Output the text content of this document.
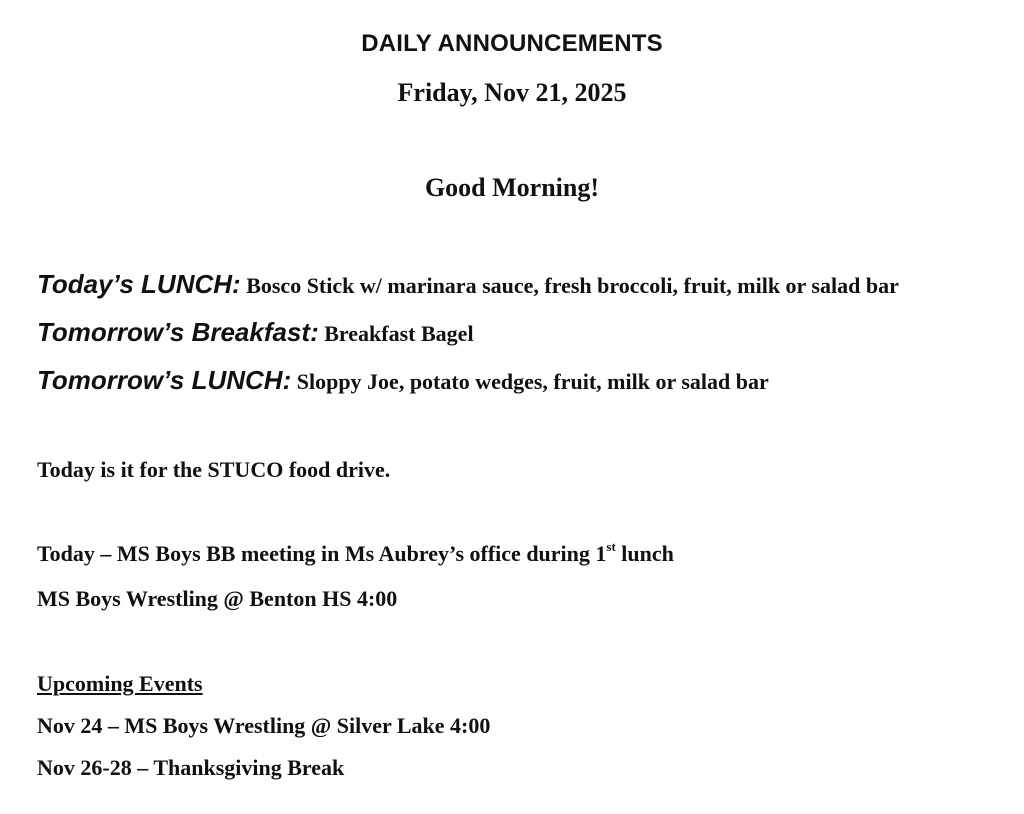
DAILY ANNOUNCEMENTS

Friday, Nov 21, 2025

Good Morning!

Today’s LUNCH: Bosco Stick w/ marinara sauce, fresh broccoli, fruit, milk or salad bar

Tomorrow’s Breakfast: Breakfast Bagel

Tomorrow’s LUNCH: Sloppy Joe, potato wedges, fruit, milk or salad bar

Today is it for the STUCO food drive.

Today – MS Boys BB meeting in Ms Aubrey’s office during 1st lunch

MS Boys Wrestling @ Benton HS 4:00

Upcoming Events

Nov 24 – MS Boys Wrestling @ Silver Lake 4:00

Nov 26-28 – Thanksgiving Break
